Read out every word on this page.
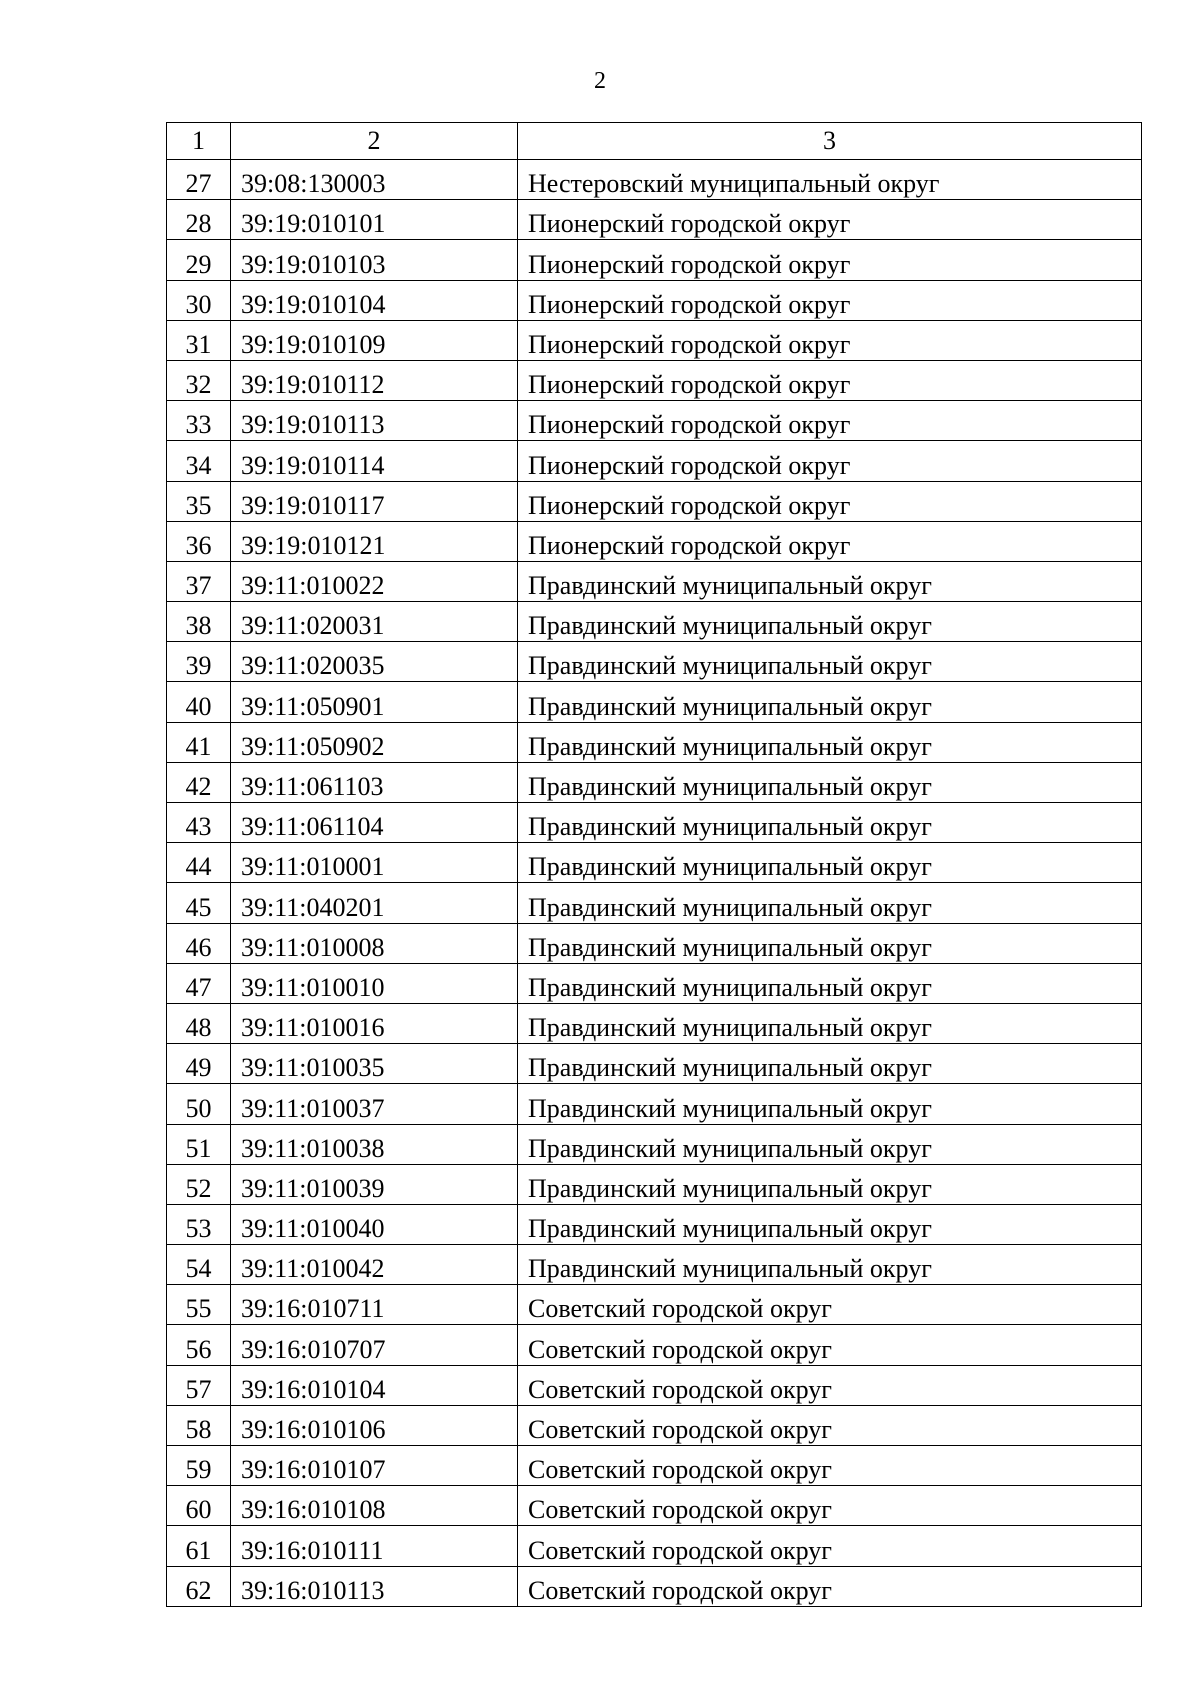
2
1	2	3
27	39:08:130003	Нестеровский муниципальный округ
28	39:19:010101	Пионерский городской округ
29	39:19:010103	Пионерский городской округ
30	39:19:010104	Пионерский городской округ
31	39:19:010109	Пионерский городской округ
32	39:19:010112	Пионерский городской округ
33	39:19:010113	Пионерский городской округ
34	39:19:010114	Пионерский городской округ
35	39:19:010117	Пионерский городской округ
36	39:19:010121	Пионерский городской округ
37	39:11:010022	Правдинский муниципальный округ
38	39:11:020031	Правдинский муниципальный округ
39	39:11:020035	Правдинский муниципальный округ
40	39:11:050901	Правдинский муниципальный округ
41	39:11:050902	Правдинский муниципальный округ
42	39:11:061103	Правдинский муниципальный округ
43	39:11:061104	Правдинский муниципальный округ
44	39:11:010001	Правдинский муниципальный округ
45	39:11:040201	Правдинский муниципальный округ
46	39:11:010008	Правдинский муниципальный округ
47	39:11:010010	Правдинский муниципальный округ
48	39:11:010016	Правдинский муниципальный округ
49	39:11:010035	Правдинский муниципальный округ
50	39:11:010037	Правдинский муниципальный округ
51	39:11:010038	Правдинский муниципальный округ
52	39:11:010039	Правдинский муниципальный округ
53	39:11:010040	Правдинский муниципальный округ
54	39:11:010042	Правдинский муниципальный округ
55	39:16:010711	Советский городской округ
56	39:16:010707	Советский городской округ
57	39:16:010104	Советский городской округ
58	39:16:010106	Советский городской округ
59	39:16:010107	Советский городской округ
60	39:16:010108	Советский городской округ
61	39:16:010111	Советский городской округ
62	39:16:010113	Советский городской округ
